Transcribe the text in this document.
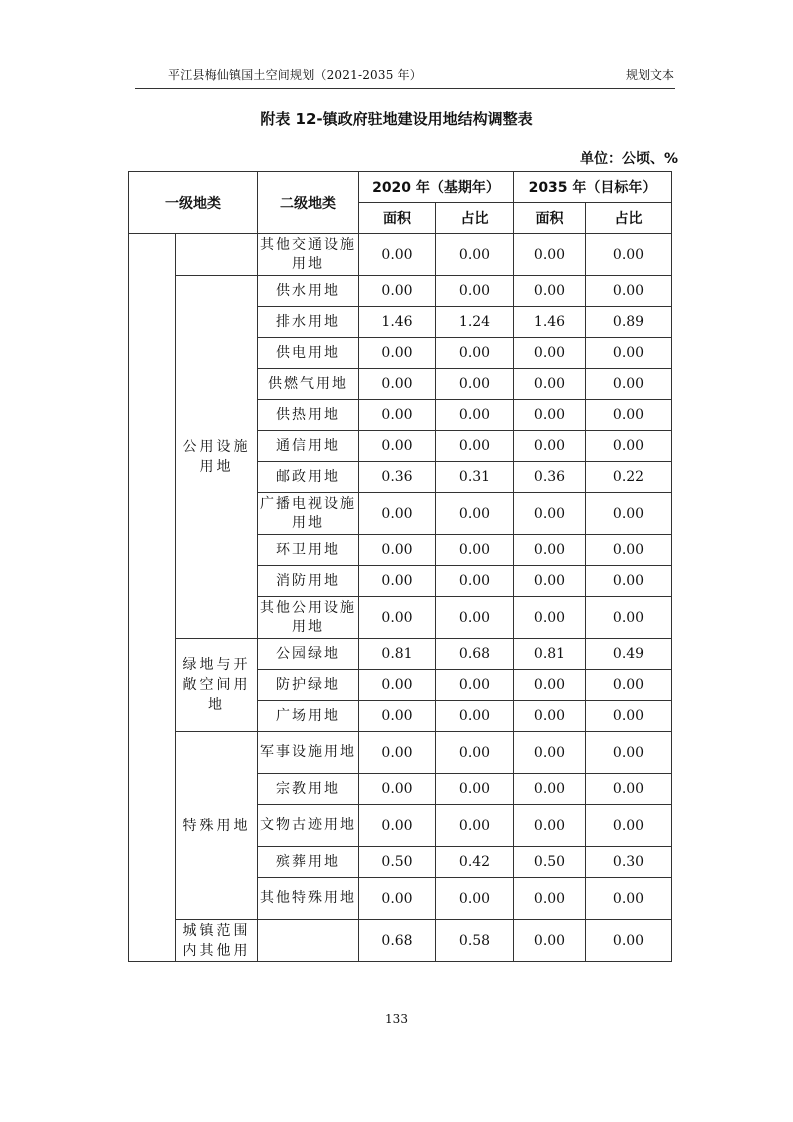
平江县梅仙镇国土空间规划（2021-2035 年）	规划文本
附表 12-镇政府驻地建设用地结构调整表
单位：公顷、%
一级地类		二级地类	2020 年（基期年）		2035 年（目标年）	
			面积	占比	面积	占比
		其他交通设施用地	0.00	0.00	0.00	0.00
	公用设施用地	供水用地	0.00	0.00	0.00	0.00
		排水用地	1.46	1.24	1.46	0.89
		供电用地	0.00	0.00	0.00	0.00
		供燃气用地	0.00	0.00	0.00	0.00
		供热用地	0.00	0.00	0.00	0.00
		通信用地	0.00	0.00	0.00	0.00
		邮政用地	0.36	0.31	0.36	0.22
		广播电视设施用地	0.00	0.00	0.00	0.00
		环卫用地	0.00	0.00	0.00	0.00
		消防用地	0.00	0.00	0.00	0.00
		其他公用设施用地	0.00	0.00	0.00	0.00
	绿地与开敞空间用地	公园绿地	0.81	0.68	0.81	0.49
		防护绿地	0.00	0.00	0.00	0.00
		广场用地	0.00	0.00	0.00	0.00
	特殊用地	军事设施用地	0.00	0.00	0.00	0.00
		宗教用地	0.00	0.00	0.00	0.00
		文物古迹用地	0.00	0.00	0.00	0.00
		殡葬用地	0.50	0.42	0.50	0.30
		其他特殊用地	0.00	0.00	0.00	0.00
	城镇范围内其他用		0.68	0.58	0.00	0.00
133
